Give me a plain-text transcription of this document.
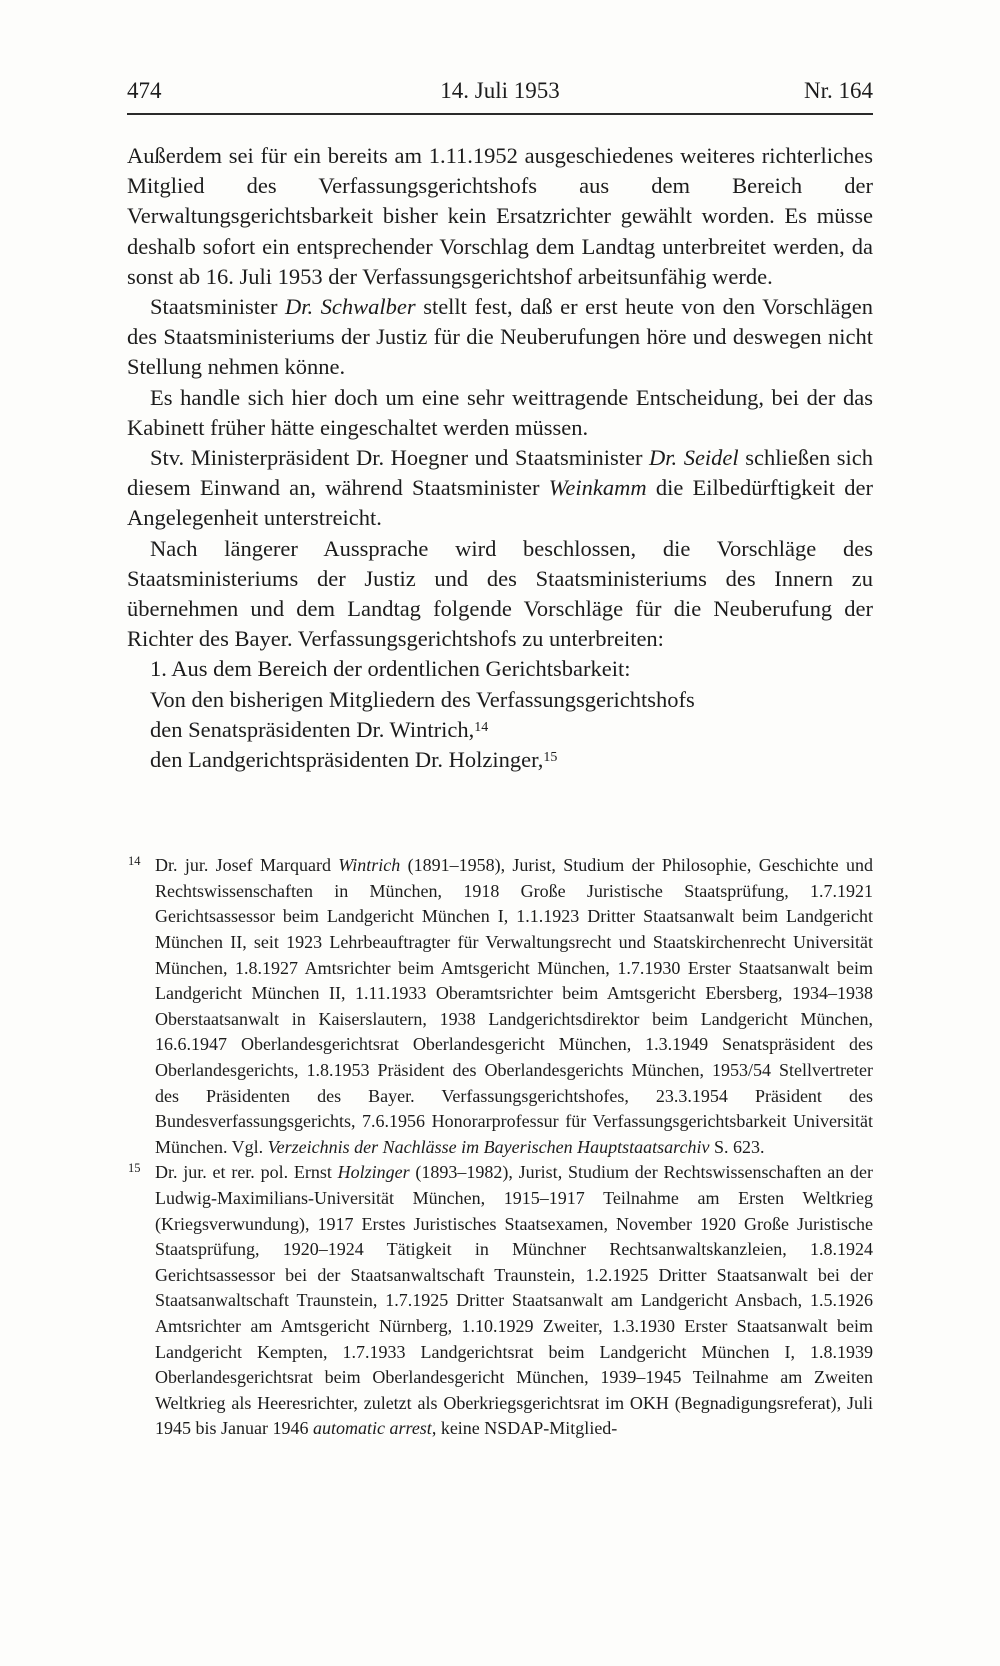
474	14. Juli 1953	Nr. 164

Außerdem sei für ein bereits am 1.11.1952 ausgeschiedenes weiteres richterliches Mitglied des Verfassungsgerichtshofs aus dem Bereich der Verwaltungsgerichtsbarkeit bisher kein Ersatzrichter gewählt worden. Es müsse deshalb sofort ein entsprechender Vorschlag dem Landtag unterbreitet werden, da sonst ab 16. Juli 1953 der Verfassungsgerichtshof arbeitsunfähig werde.

Staatsminister Dr. Schwalber stellt fest, daß er erst heute von den Vorschlägen des Staatsministeriums der Justiz für die Neuberufungen höre und deswegen nicht Stellung nehmen könne.

Es handle sich hier doch um eine sehr weittragende Entscheidung, bei der das Kabinett früher hätte eingeschaltet werden müssen.

Stv. Ministerpräsident Dr. Hoegner und Staatsminister Dr. Seidel schließen sich diesem Einwand an, während Staatsminister Weinkamm die Eilbedürftigkeit der Angelegenheit unterstreicht.

Nach längerer Aussprache wird beschlossen, die Vorschläge des Staatsministeriums der Justiz und des Staatsministeriums des Innern zu übernehmen und dem Landtag folgende Vorschläge für die Neuberufung der Richter des Bayer. Verfassungsgerichtshofs zu unterbreiten:

1. Aus dem Bereich der ordentlichen Gerichtsbarkeit:

Von den bisherigen Mitgliedern des Verfassungsgerichtshofs

den Senatspräsidenten Dr. Wintrich,$^{14}$

den Landgerichtspräsidenten Dr. Holzinger,$^{15}$

14 Dr. jur. Josef Marquard Wintrich (1891–1958), Jurist, Studium der Philosophie, Geschichte und Rechtswissenschaften in München, 1918 Große Juristische Staatsprüfung, 1.7.1921 Gerichtsassessor beim Landgericht München I, 1.1.1923 Dritter Staatsanwalt beim Landgericht München II, seit 1923 Lehrbeauftragter für Verwaltungsrecht und Staatskirchenrecht Universität München, 1.8.1927 Amtsrichter beim Amtsgericht München, 1.7.1930 Erster Staatsanwalt beim Landgericht München II, 1.11.1933 Oberamtsrichter beim Amtsgericht Ebersberg, 1934–1938 Oberstaatsanwalt in Kaiserslautern, 1938 Landgerichtsdirektor beim Landgericht München, 16.6.1947 Oberlandesgerichtsrat Oberlandesgericht München, 1.3.1949 Senatspräsident des Oberlandesgerichts, 1.8.1953 Präsident des Oberlandesgerichts München, 1953/54 Stellvertreter des Präsidenten des Bayer. Verfassungsgerichtshofes, 23.3.1954 Präsident des Bundesverfassungsgerichts, 7.6.1956 Honorarprofessur für Verfassungsgerichtsbarkeit Universität München. Vgl. Verzeichnis der Nachlässe im Bayerischen Hauptstaatsarchiv S. 623.
15 Dr. jur. et rer. pol. Ernst Holzinger (1893–1982), Jurist, Studium der Rechtswissenschaften an der Ludwig-Maximilians-Universität München, 1915–1917 Teilnahme am Ersten Weltkrieg (Kriegsverwundung), 1917 Erstes Juristisches Staatsexamen, November 1920 Große Juristische Staatsprüfung, 1920–1924 Tätigkeit in Münchner Rechtsanwaltskanzleien, 1.8.1924 Gerichtsassessor bei der Staatsanwaltschaft Traunstein, 1.2.1925 Dritter Staatsanwalt bei der Staatsanwaltschaft Traunstein, 1.7.1925 Dritter Staatsanwalt am Landgericht Ansbach, 1.5.1926 Amtsrichter am Amtsgericht Nürnberg, 1.10.1929 Zweiter, 1.3.1930 Erster Staatsanwalt beim Landgericht Kempten, 1.7.1933 Landgerichtsrat beim Landgericht München I, 1.8.1939 Oberlandesgerichtsrat beim Oberlandesgericht München, 1939–1945 Teilnahme am Zweiten Weltkrieg als Heeresrichter, zuletzt als Oberkriegsgerichtsrat im OKH (Begnadigungsreferat), Juli 1945 bis Januar 1946 automatic arrest, keine NSDAP-Mitglied-
